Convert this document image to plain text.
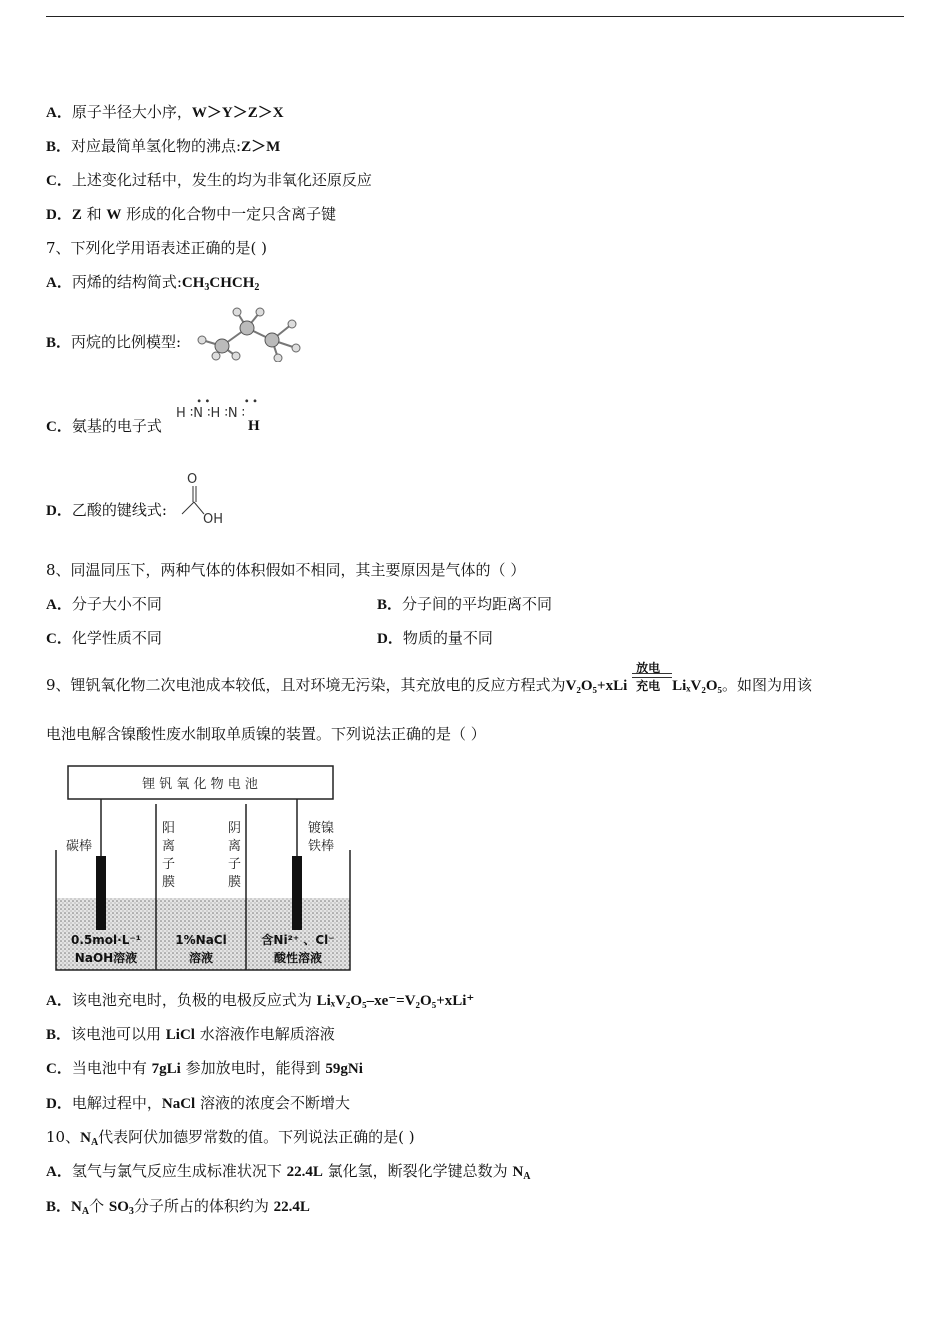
A．原子半径大小序，W＞Y＞Z＞X
B．对应最简单氢化物的沸点:Z＞M
C．上述变化过秳中，发生的均为非氧化还原反应
D．Z 和 W 形成的化合物中一定只含离子键
7、下列化学用语表述正确的是( )
A．丙烯的结构简式$:CH_3CHCH_2$
B．丙烷的比例模型:
C．氨基的电子式
∙∙      ∙∙
H ∶N ∶H ∶N ∶
H
D．乙酸的键线式:
O
OH
8、同温同压下，两种气体的体积假如不相同，其主要原因是气体的（ ）
A．分子大小不同	B．分子间的平均距离不同
C．化学性质不同	D．物质的量不同
9、锂钒氧化物二次电池成本较低，且对环境无污染，其充放电的反应方程式为V₂O₅+xLi
放电
充电 LiₓV₂O₅。如图为用该
电池电解含镍酸性废水制取单质镍的装置。下列说法正确的是（ ）
锂 钒 氧 化 物 电 池
碳棒
镀镍
铁棒
阳
离
子
膜
阴
离
子
膜
0.5mol·L⁻¹
NaOH溶液
1%NaCl
溶液
含Ni²⁺ 、Cl⁻
酸性溶液
A．该电池充电时，负极的电极反应式为 LiₓV₂O₅–xe⁻=V₂O₅+xLi⁺
B．该电池可以用 LiCl 水溶液作电解质溶液
C．当电池中有 7gLi 参加放电时，能得到 59gNi
D．电解过程中，NaCl 溶液的浓度会不断增大
10、$N_A$代表阿伏加德罗常数的值。下列说法正确的是( )
A．氢气与氯气反应生成标准状况下 22.4L 氯化氢，断裂化学键总数为 $N_A$
B．$N_A$个 $SO_3$分子所占的体积约为 22.4L
